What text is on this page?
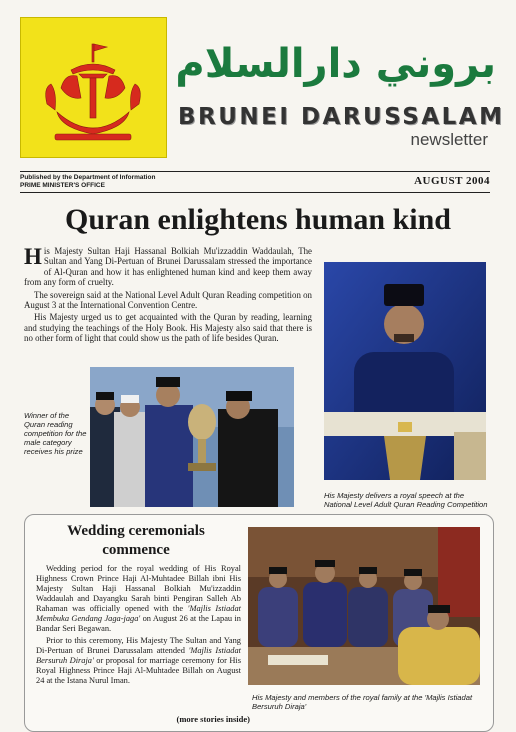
بروني دارالسلام
BRUNEI DARUSSALAM
newsletter
Published by the Department of Information
PRIME MINISTER'S OFFICE	AUGUST 2004
Quran enlightens human kind

His Majesty Sultan Haji Hassanal Bolkiah Mu'izzaddin Waddaulah, The Sultan and Yang Di-Pertuan of Brunei Darussalam stressed the importance of Al-Quran and how it has enlightened human kind and keep them away from any form of cruelty.

The sovereign said at the National Level Adult Quran Reading competition on August 3 at the International Convention Centre.

His Majesty urged us to get acquainted with the Quran by reading, learning and studying the teachings of the Holy Book. His Majesty also said that there is no other form of light that could show us the path of life besides Quran.

Winner of the Quran reading competition for the male category receives his prize
His Majesty delivers a royal speech at the National Level Adult Quran Reading Competition
Wedding ceremonials
commence

Wedding period for the royal wedding of His Royal Highness Crown Prince Haji Al-Muhtadee Billah ibni His Majesty Sultan Haji Hassanal Bolkiah Mu'izzaddin Waddaulah and Dayangku Sarah binti Pengiran Salleh Ab Rahaman was officially opened with the 'Majlis Istiadat Membuka Gendang Jaga-jaga' on August 26 at the Lapau in Bandar Seri Begawan.

Prior to this ceremony, His Majesty The Sultan and Yang Di-Pertuan of Brunei Darussalam attended 'Majlis Istiadat Bersuruh Diraja' or proposal for marriage ceremony for His Royal Highness Prince Haji Al-Muhtadee Billah on August 24 at the Istana Nurul Iman.

(more stories inside)
His Majesty and members of the royal family at the 'Majlis Istiadat Bersuruh Diraja'
